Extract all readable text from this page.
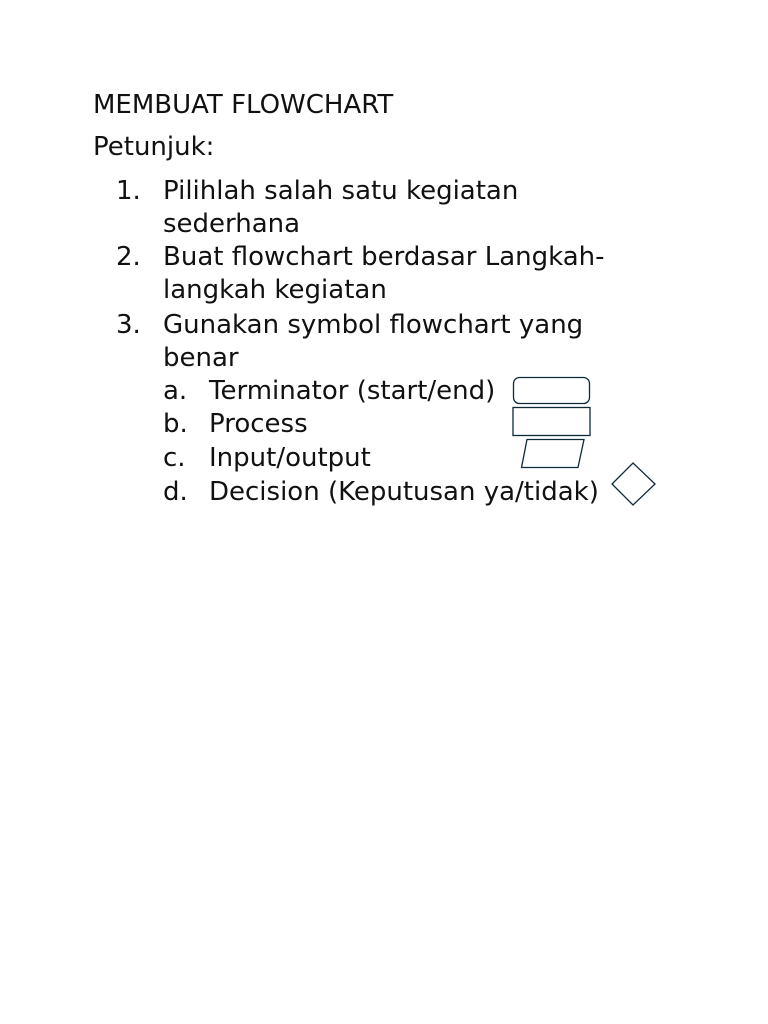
MEMBUAT FLOWCHART
Petunjuk:
1. Pilihlah salah satu kegiatan
sederhana
2. Buat flowchart berdasar Langkah-
langkah kegiatan
3. Gunakan symbol flowchart yang
benar
a. Terminator (start/end)
b. Process
c. Input/output
d. Decision (Keputusan ya/tidak)
